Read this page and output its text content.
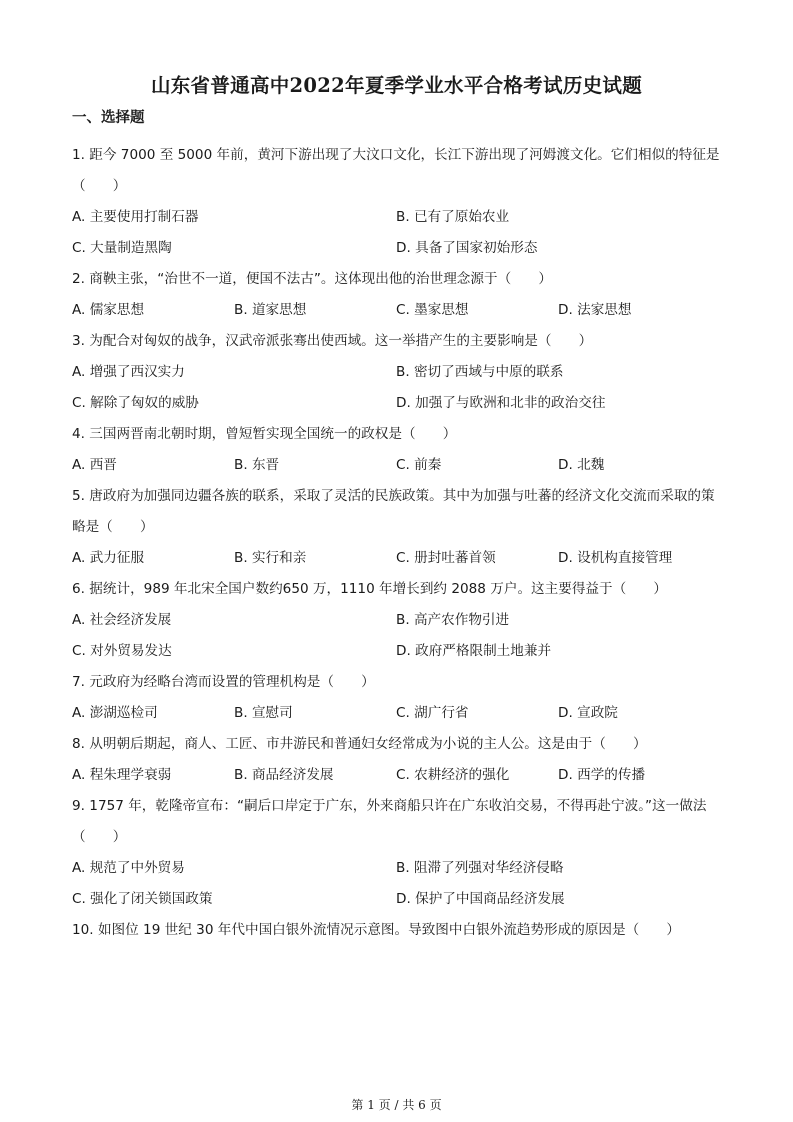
山东省普通高中2022年夏季学业水平合格考试历史试题
一、选择题

1. 距今 7000 至 5000 年前，黄河下游出现了大汶口文化，长江下游出现了河姆渡文化。它们相似的特征是（　　）

A. 主要使用打制石器	B. 已有了原始农业
C. 大量制造黑陶	D. 具备了国家初始形态

2. 商鞅主张，“治世不一道，便国不法古”。这体现出他的治世理念源于（　　）

A. 儒家思想	B. 道家思想	C. 墨家思想	D. 法家思想

3. 为配合对匈奴的战争，汉武帝派张骞出使西域。这一举措产生的主要影响是（　　）

A. 增强了西汉实力	B. 密切了西域与中原的联系
C. 解除了匈奴的威胁	D. 加强了与欧洲和北非的政治交往

4. 三国两晋南北朝时期，曾短暂实现全国统一的政权是（　　）

A. 西晋	B. 东晋	C. 前秦	D. 北魏

5. 唐政府为加强同边疆各族的联系，采取了灵活的民族政策。其中为加强与吐蕃的经济文化交流而采取的策略是（　　）

A. 武力征服	B. 实行和亲	C. 册封吐蕃首领	D. 设机构直接管理

6. 据统计，989 年北宋全国户数约650 万，1110 年增长到约 2088 万户。这主要得益于（　　）

A. 社会经济发展	B. 高产农作物引进
C. 对外贸易发达	D. 政府严格限制土地兼并

7. 元政府为经略台湾而设置的管理机构是（　　）

A. 澎湖巡检司	B. 宣慰司	C. 湖广行省	D. 宣政院

8. 从明朝后期起，商人、工匠、市井游民和普通妇女经常成为小说的主人公。这是由于（　　）

A. 程朱理学衰弱	B. 商品经济发展	C. 农耕经济的强化	D. 西学的传播

9. 1757 年，乾隆帝宣布：“嗣后口岸定于广东，外来商船只许在广东收泊交易，不得再赴宁波。”这一做法（　　）

A. 规范了中外贸易	B. 阻滞了列强对华经济侵略
C. 强化了闭关锁国政策	D. 保护了中国商品经济发展

10. 如图位 19 世纪 30 年代中国白银外流情况示意图。导致图中白银外流趋势形成的原因是（　　）

第 1 页 / 共 6 页
